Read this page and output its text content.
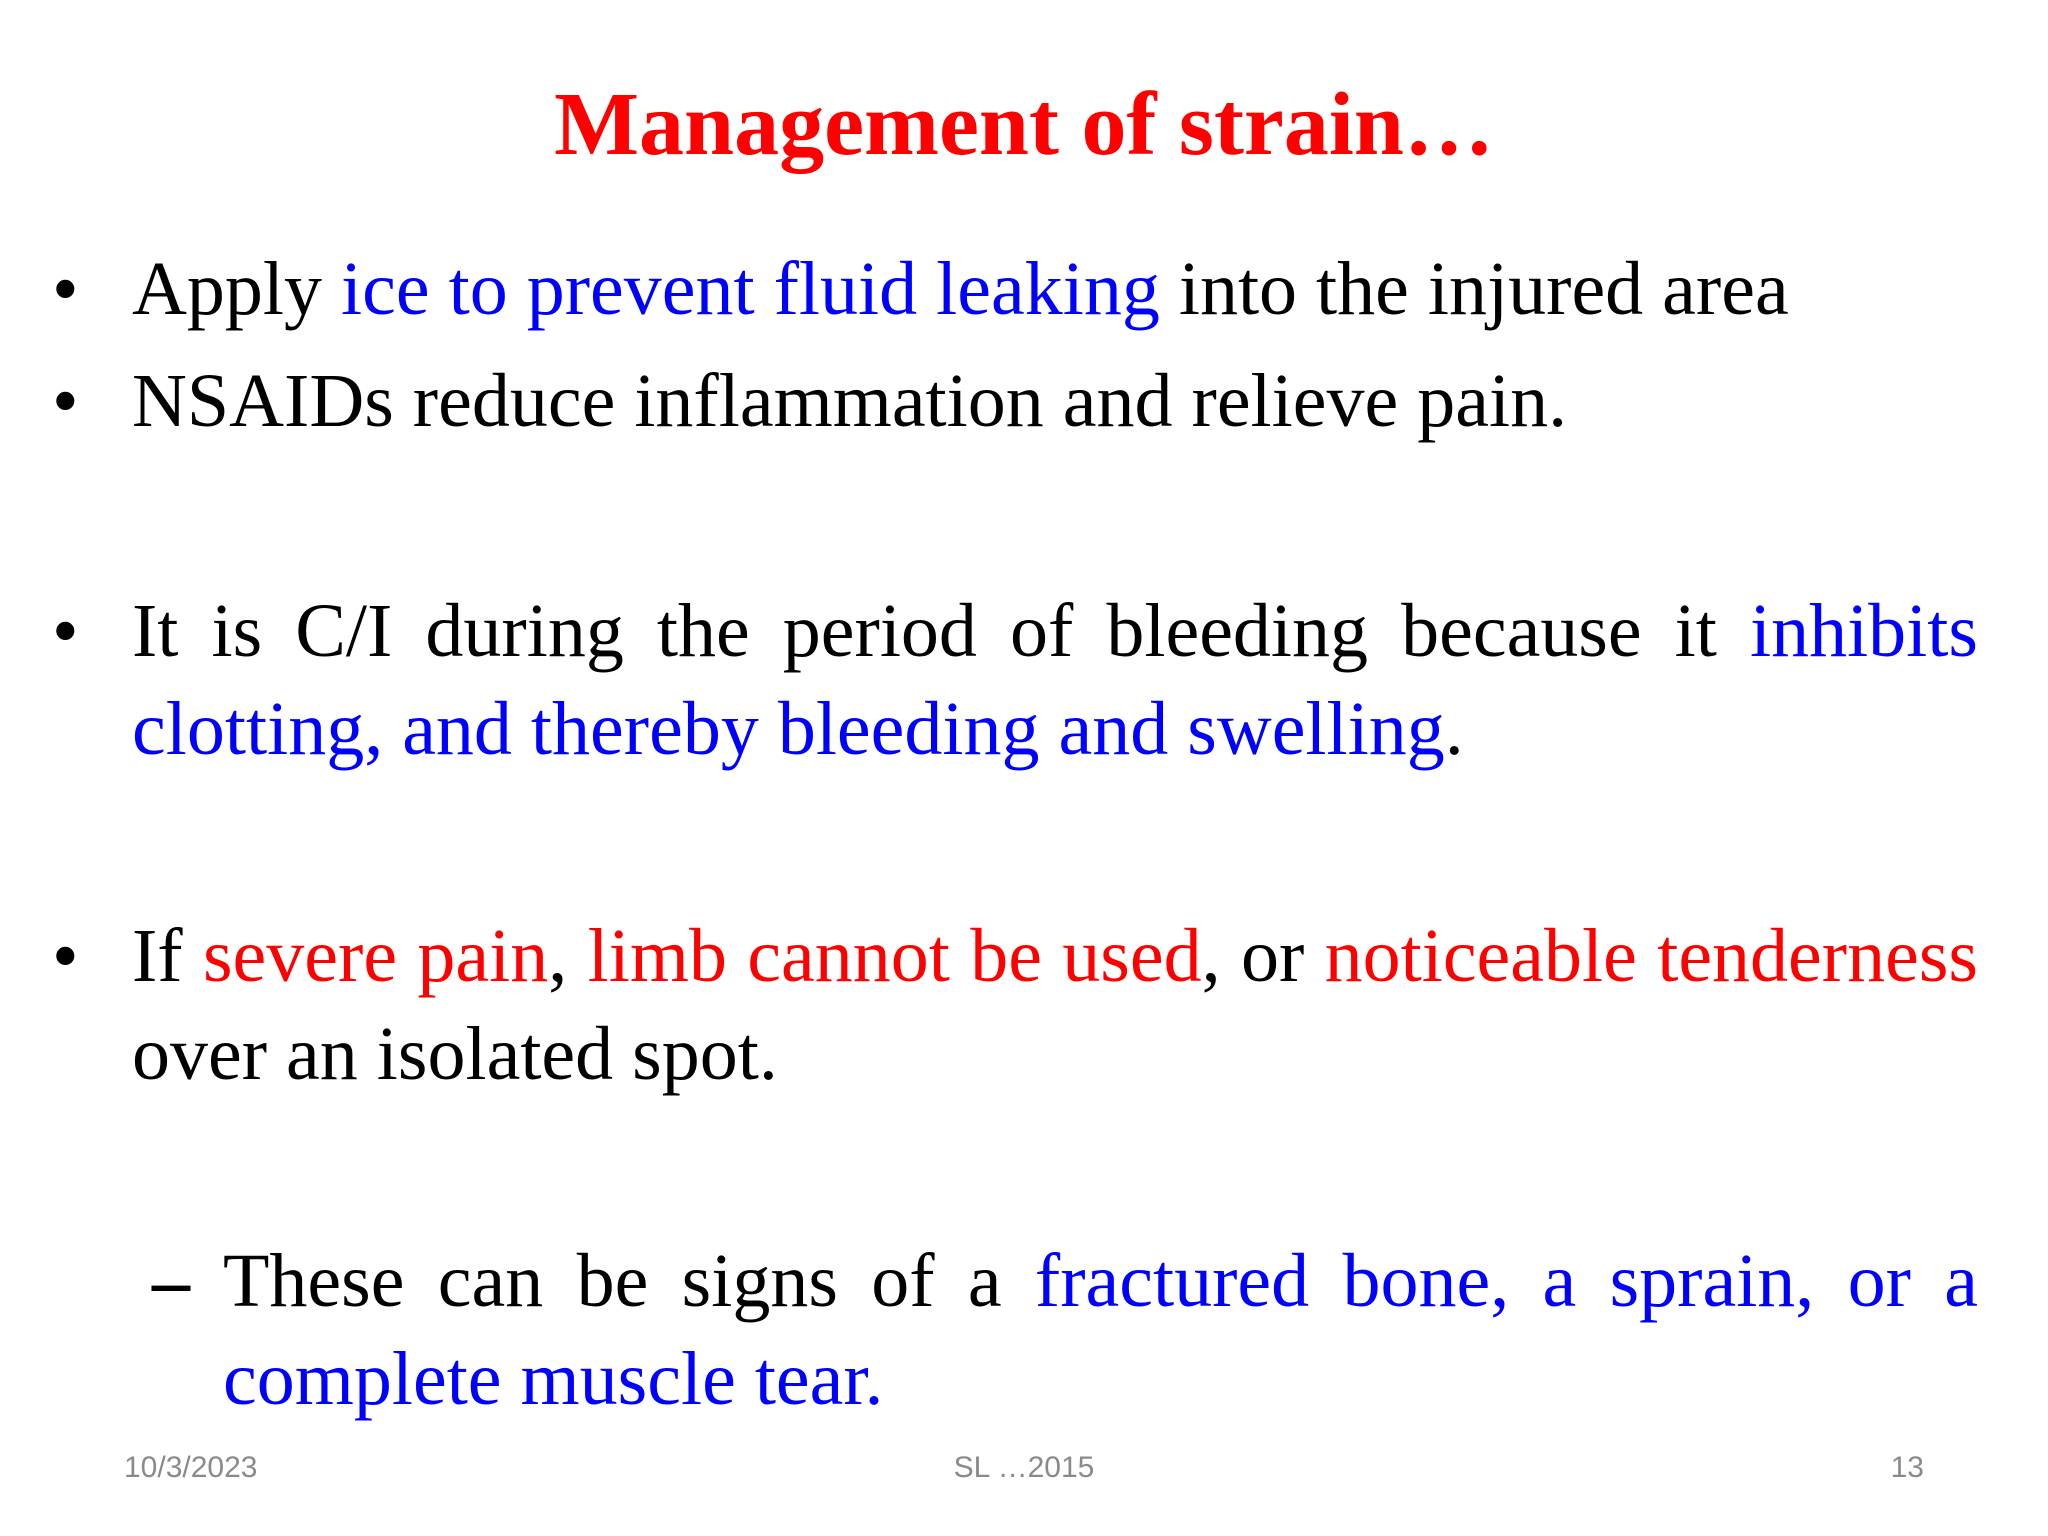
Management of strain…
• Apply ice to prevent fluid leaking into the injured area

• NSAIDs reduce inflammation and relieve pain.

• It is C/I during the period of bleeding because it inhibits clotting, and thereby bleeding and swelling.

• If severe pain, limb cannot be used, or noticeable tenderness over an isolated spot.

– These can be signs of a fractured bone, a sprain, or a complete muscle tear.

10/3/2023	SL …2015	13
